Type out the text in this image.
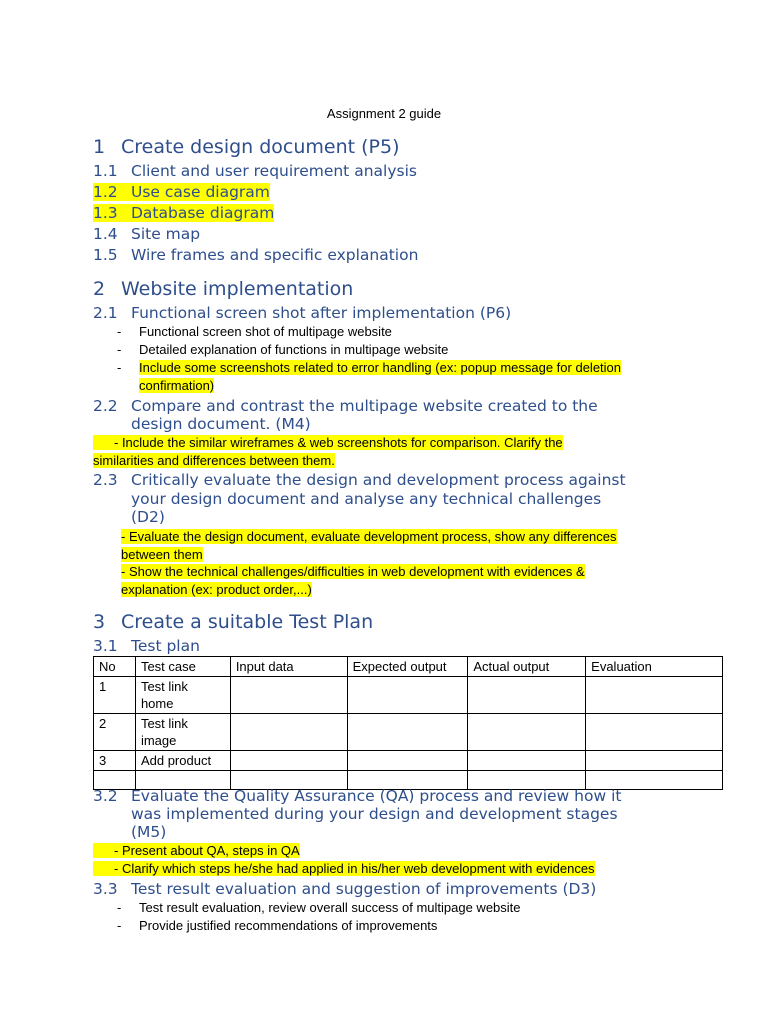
Assignment 2 guide
1 Create design document (P5)
1.1 Client and user requirement analysis
1.2 Use case diagram
1.3 Database diagram
1.4 Site map
1.5 Wire frames and specific explanation
2 Website implementation
2.1 Functional screen shot after implementation (P6)
- Functional screen shot of multipage website
- Detailed explanation of functions in multipage website
- Include some screenshots related to error handling (ex: popup message for deletion
confirmation)
2.2 Compare and contrast the multipage website created to the
design document. (M4)
- Include the similar wireframes & web screenshots for comparison. Clarify the
similarities and differences between them.
2.3 Critically evaluate the design and development process against
your design document and analyse any technical challenges
(D2)
- Evaluate the design document, evaluate development process, show any differences
between them
- Show the technical challenges/difficulties in web development with evidences &
explanation (ex: product order,...)
3 Create a suitable Test Plan
3.1 Test plan
No	Test case	Input data	Expected output	Actual output	Evaluation
1	Test link
home				
2	Test link
image				
3	Add product				

3.2 Evaluate the Quality Assurance (QA) process and review how it
was implemented during your design and development stages
(M5)
- Present about QA, steps in QA
- Clarify which steps he/she had applied in his/her web development with evidences
3.3 Test result evaluation and suggestion of improvements (D3)
- Test result evaluation, review overall success of multipage website
- Provide justified recommendations of improvements
